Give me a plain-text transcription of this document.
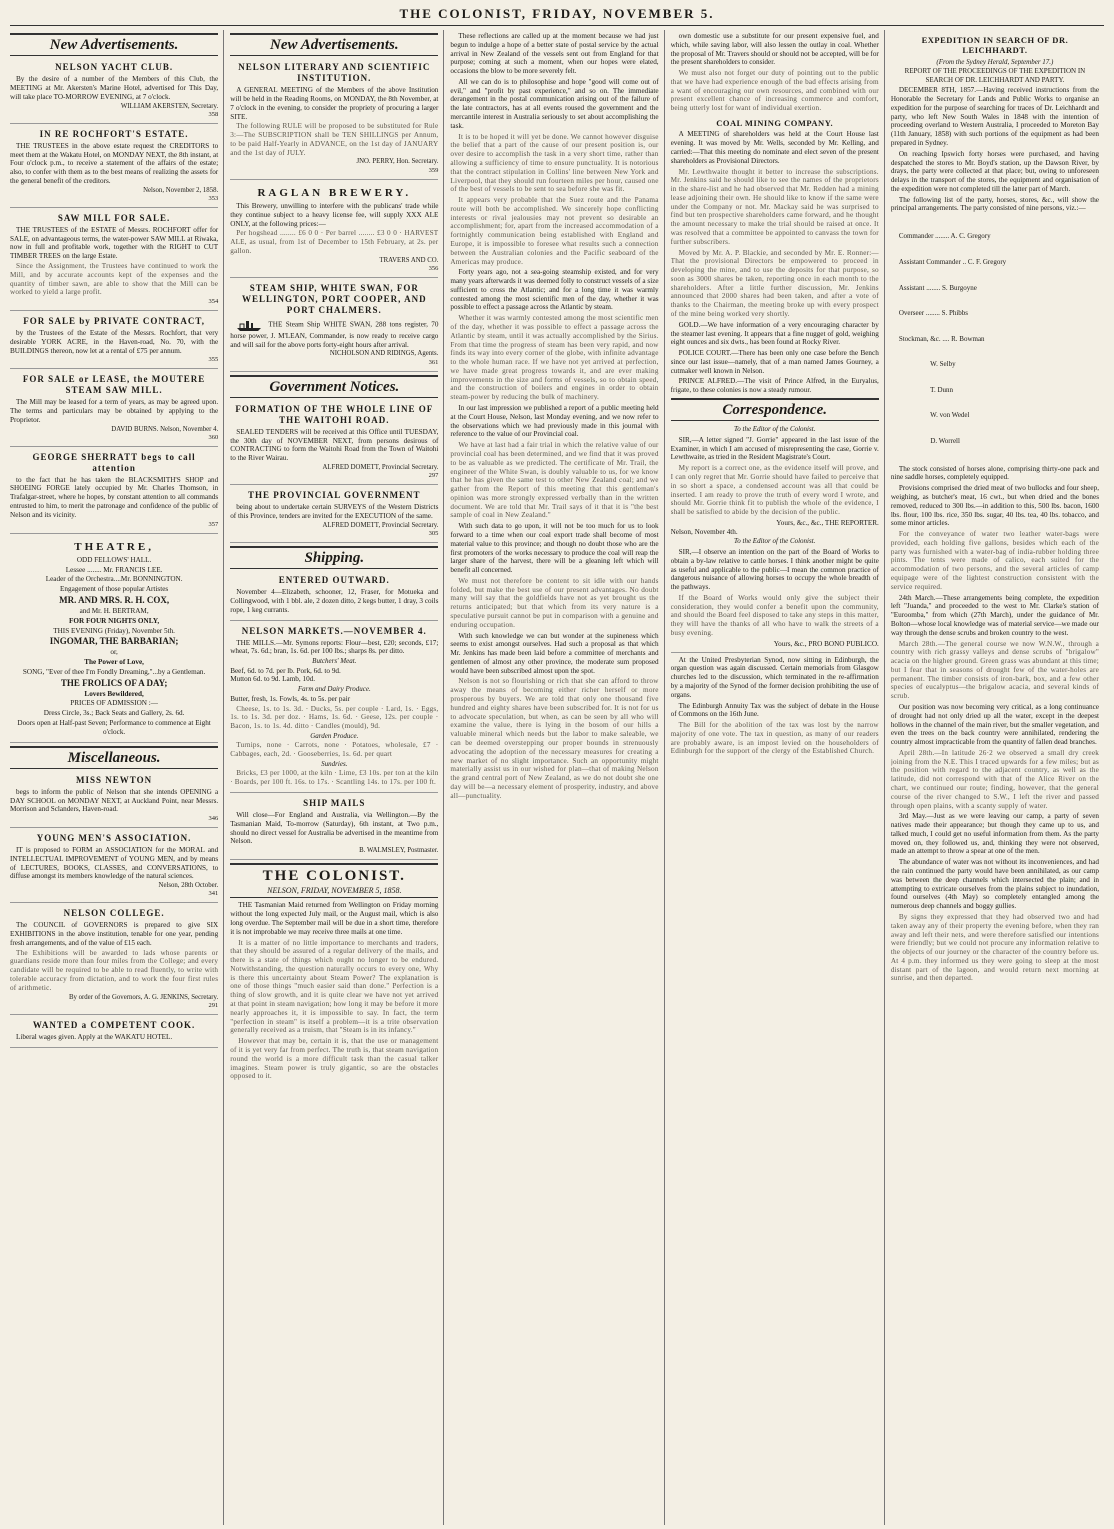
THE COLONIST, FRIDAY, NOVEMBER 5.
New Advertisements.
NELSON YACHT CLUB.

By the desire of a number of the Members of this Club, the MEETING at Mr. Akersten's Marine Hotel, advertised for This Day, will take place TO-MORROW EVENING, at 7 o'clock.

WILLIAM AKERSTEN, Secretary.
358
IN RE ROCHFORT'S ESTATE.

THE TRUSTEES in the above estate request the CREDITORS to meet them at the Wakatu Hotel, on MONDAY NEXT, the 8th instant, at Four o'clock p.m., to receive a statement of the affairs of the estate; also, to confer with them as to the best means of realizing the assets for the general benefit of the creditors.

Nelson, November 2, 1858.
353
SAW MILL FOR SALE.

THE TRUSTEES of the ESTATE of Messrs. ROCHFORT offer for SALE, on advantageous terms, the water-power SAW MILL at Riwaka, now in full and profitable work, together with the RIGHT to CUT TIMBER TREES on the large Estate.

Since the Assignment, the Trustees have continued to work the Mill, and by accurate accounts kept of the expenses and the quantity of timber sawn, are able to show that the Mill can be worked to yield a large profit.

354
FOR SALE by PRIVATE CONTRACT,

by the Trustees of the Estate of the Messrs. Rochfort, that very desirable YORK ACRE, in the Haven-road, No. 70, with the BUILDINGS thereon, now let at a rental of £75 per annum.

355
FOR SALE or LEASE, the MOUTERE STEAM SAW MILL.

The Mill may be leased for a term of years, as may be agreed upon. The terms and particulars may be obtained by applying to the Proprietor.

DAVID BURNS. Nelson, November 4.
360
GEORGE SHERRATT begs to call attention

to the fact that he has taken the BLACKSMITH'S SHOP and SHOEING FORGE lately occupied by Mr. Charles Thomson, in Trafalgar-street, where he hopes, by constant attention to all commands entrusted to him, to merit the patronage and confidence of the public of Nelson and its vicinity.

357
THEATRE,
ODD FELLOWS' HALL.
Lessee ........ Mr. FRANCIS LEE.
Leader of the Orchestra....Mr. BONNINGTON.
Engagement of those popular Artistes
MR. AND MRS. R. H. COX,
and Mr. H. BERTRAM,
FOR FOUR NIGHTS ONLY,
THIS EVENING (Friday), November 5th.
INGOMAR, THE BARBARIAN;
or,
The Power of Love,
SONG, "Ever of thee I'm Fondly Dreaming,"...by a Gentleman.
THE FROLICS OF A DAY;
Lovers Bewildered,
PRICES OF ADMISSION :—
Dress Circle, 3s.; Back Seats and Gallery, 2s. 6d.
Doors open at Half-past Seven; Performance to commence at Eight o'clock.
Miscellaneous.
MISS NEWTON

begs to inform the public of Nelson that she intends OPENING a DAY SCHOOL on MONDAY NEXT, at Auckland Point, near Messrs. Morrison and Sclanders, Haven-road.

346
YOUNG MEN'S ASSOCIATION.

IT is proposed to FORM an ASSOCIATION for the MORAL and INTELLECTUAL IMPROVEMENT of YOUNG MEN, and by means of LECTURES, BOOKS, CLASSES, and CONVERSATIONS, to diffuse amongst its members knowledge of the natural sciences.

Nelson, 28th October.
341
NELSON COLLEGE.

The COUNCIL of GOVERNORS is prepared to give SIX EXHIBITIONS in the above institution, tenable for one year, pending fresh arrangements, and of the value of £15 each.

The Exhibitions will be awarded to lads whose parents or guardians reside more than four miles from the College; and every candidate will be required to be able to read fluently, to write with tolerable accuracy from dictation, and to work the four first rules of arithmetic.

By order of the Governors, A. G. JENKINS, Secretary.
291
WANTED a COMPETENT COOK.

Liberal wages given. Apply at the WAKATU HOTEL.

New Advertisements.
NELSON LITERARY AND SCIENTIFIC INSTITUTION.

A GENERAL MEETING of the Members of the above Institution will be held in the Reading Rooms, on MONDAY, the 8th November, at 7 o'clock in the evening, to consider the propriety of procuring a larger SITE.

The following RULE will be proposed to be substituted for Rule 3:—The SUBSCRIPTION shall be TEN SHILLINGS per Annum, to be paid Half-Yearly in ADVANCE, on the 1st day of JANUARY and the 1st day of JULY.

JNO. PERRY, Hon. Secretary.
359
RAGLAN BREWERY.

This Brewery, unwilling to interfere with the publicans' trade while they continue subject to a heavy license fee, will supply XXX ALE ONLY, at the following prices:—

Per hogshead ........ £6 0 0 · Per barrel ........ £3 0 0 · HARVEST ALE, as usual, from 1st of December to 15th February, at 2s. per gallon.

TRAVERS AND CO.
356
STEAM SHIP, WHITE SWAN, FOR WELLINGTON, PORT COOPER, AND PORT CHALMERS.

THE Steam Ship WHITE SWAN, 288 tons register, 70 horse power, J. M'LEAN, Commander, is now ready to receive cargo and will sail for the above ports forty-eight hours after arrival.

NICHOLSON AND RIDINGS, Agents.
361
Government Notices.
FORMATION OF THE WHOLE LINE OF THE WAITOHI ROAD.

SEALED TENDERS will be received at this Office until TUESDAY, the 30th day of NOVEMBER NEXT, from persons desirous of CONTRACTING to form the Waitohi Road from the Town of Waitohi to the River Wairau.

ALFRED DOMETT, Provincial Secretary.
297
THE PROVINCIAL GOVERNMENT

being about to undertake certain SURVEYS of the Western Districts of this Province, tenders are invited for the EXECUTION of the same.

ALFRED DOMETT, Provincial Secretary.
305
Shipping.
ENTERED OUTWARD.

November 4—Elizabeth, schooner, 12, Fraser, for Motueka and Collingwood, with 1 bbl. ale, 2 dozen ditto, 2 kegs butter, 1 dray, 3 coils rope, 1 keg currants.

NELSON MARKETS.—NOVEMBER 4.

THE MILLS.—Mr. Symons reports: Flour—best, £20; seconds, £17; wheat, 7s. 6d.; bran, 1s. 6d. per 100 lbs.; sharps 8s. per ditto.

Butchers' Meat.
Beef, 6d. to 7d. per lb. Pork, 6d. to 9d.
Mutton 6d. to 9d. Lamb, 10d.
Farm and Dairy Produce.
Butter, fresh, 1s. Fowls, 4s. to 5s. per pair

Cheese, 1s. to 1s. 3d. · Ducks, 5s. per couple · Lard, 1s. · Eggs, 1s. to 1s. 3d. per doz. · Hams, 1s. 6d. · Geese, 12s. per couple · Bacon, 1s. to 1s. 4d. ditto · Candles (mould), 9d.

Garden Produce.

Turnips, none · Carrots, none · Potatoes, wholesale, £7 · Cabbages, each, 2d. · Gooseberries, 1s. 6d. per quart

Sundries.

Bricks, £3 per 1000, at the kiln · Lime, £3 10s. per ton at the kiln · Boards, per 100 ft. 16s. to 17s. · Scantling 14s. to 17s. per 100 ft.

SHIP MAILS

Will close—For England and Australia, via Wellington.—By the Tasmanian Maid, To-morrow (Saturday), 6th instant, at Two p.m., should no direct vessel for Australia be advertised in the meantime from Nelson.

B. WALMSLEY, Postmaster.
THE COLONIST.
NELSON, FRIDAY, NOVEMBER 5, 1858.

THE Tasmanian Maid returned from Wellington on Friday morning without the long expected July mail, or the August mail, which is also long overdue. The September mail will be due in a short time, therefore it is not improbable we may receive three mails at one time.

It is a matter of no little importance to merchants and traders, that they should be assured of a regular delivery of the mails, and there is a state of things which ought no longer to be endured. Notwithstanding, the question naturally occurs to every one, Why is there this uncertainty about Steam Power? The explanation is one of those things "much easier said than done." Perfection is a thing of slow growth, and it is quite clear we have not yet arrived at that point in steam navigation; how long it may be before it more nearly approaches it, it is impossible to say. In fact, the term "perfection in steam" is itself a problem—it is a trite observation generally received as a truism, that "Steam is in its infancy."

However that may be, certain it is, that the use or management of it is yet very far from perfect. The truth is, that steam navigation round the world is a more difficult task than the casual talker imagines. Steam power is truly gigantic, so are the obstacles opposed to it.

These reflections are called up at the moment because we had just begun to indulge a hope of a better state of postal service by the actual arrival in New Zealand of the vessels sent out from England for that purpose; coming at such a moment, when our hopes were elated, occasions the blow to be more severely felt.

All we can do is to philosophise and hope "good will come out of evil," and "profit by past experience," and so on. The immediate derangement in the postal communication arising out of the failure of the late contractors, has at all events roused the government and the mercantile interest in Australia seriously to set about accomplishing the task.

It is to be hoped it will yet be done. We cannot however disguise the belief that a part of the cause of our present position is, our over desire to accomplish the task in a very short time, rather than allowing a sufficiency of time to ensure punctuality. It is notorious that the contract stipulation in Collins' line between New York and Liverpool, that they should run fourteen miles per hour, caused one of the best of vessels to be sent to sea before she was fit.

It appears very probable that the Suez route and the Panama route will both be accomplished. We sincerely hope conflicting interests or rival jealousies may not prevent so desirable an accomplishment; for, apart from the increased accommodation of a fortnightly communication being established with England and Europe, it is impossible to foresee what results such a connection between the Australian colonies and the Pacific seaboard of the Americas may produce.

Forty years ago, not a sea-going steamship existed, and for very many years afterwards it was deemed folly to construct vessels of a size sufficient to cross the Atlantic; and for a long time it was warmly contested among the most scientific men of the day, whether it was possible to effect a passage across the Atlantic by steam.

Whether it was warmly contested among the most scientific men of the day, whether it was possible to effect a passage across the Atlantic by steam, until it was actually accomplished by the Sirius. From that time the progress of steam has been very rapid, and now finds its way into every corner of the globe, with infinite advantage to the whole human race. If we have not yet arrived at perfection, we have made great progress towards it, and are ever making improvements in the size and forms of vessels, so to obtain speed, and the construction of boilers and engines in order to obtain steam-power by reducing the bulk of machinery.

In our last impression we published a report of a public meeting held at the Court House, Nelson, last Monday evening, and we now refer to the observations which we had previously made in this journal with reference to the value of our Provincial coal.

We have at last had a fair trial in which the relative value of our provincial coal has been determined, and we find that it was proved to be as valuable as we predicted. The certificate of Mr. Trail, the engineer of the White Swan, is doubly valuable to us, for we know that he has given the same test to other New Zealand coal; and we gather from the Report of this meeting that this gentleman's opinion was more strongly expressed verbally than in the written document. We are told that Mr. Trail says of it that it is "the best sample of coal in New Zealand."

With such data to go upon, it will not be too much for us to look forward to a time when our coal export trade shall become of most material value to this province; and though no doubt those who are the first promoters of the works necessary to produce the coal will reap the larger share of the harvest, there will be a gleaning left which will benefit all concerned.

We must not therefore be content to sit idle with our hands folded, but make the best use of our present advantages. No doubt many will say that the goldfields have not as yet brought us the returns anticipated; but that which from its very nature is a speculative pursuit cannot be put in comparison with a genuine and enduring occupation.

With such knowledge we can but wonder at the supineness which seems to exist amongst ourselves. Had such a proposal as that which Mr. Jenkins has made been laid before a committee of merchants and gentlemen of almost any other province, the moderate sum proposed would have been subscribed almost upon the spot.

Nelson is not so flourishing or rich that she can afford to throw away the means of becoming either richer herself or more prosperous by buyers. We are told that only one thousand five hundred and eighty shares have been subscribed for. It is not for us to advocate speculation, but when, as can be seen by all who will examine the value, there is lying in the bosom of our hills a valuable mineral which needs but the labor to make saleable, we can be deemed overstepping our proper bounds in strenuously advocating the adoption of the necessary measures for creating a new market of no slight importance. Such an opportunity might materially assist us in our wished for plan—that of making Nelson the grand central port of New Zealand, as we do not doubt she one day will be—a necessary element of prosperity, industry, and above all—punctuality.

own domestic use a substitute for our present expensive fuel, and which, while saving labor, will also lessen the outlay in coal. Whether the proposal of Mr. Travers should or should not be accepted, will be for the present shareholders to consider.

We must also not forget our duty of pointing out to the public that we have had experience enough of the bad effects arising from a want of encouraging our own resources, and combined with our present excellent chance of increasing commerce and comfort, being utterly lost for want of individual exertion.

COAL MINING COMPANY.

A MEETING of shareholders was held at the Court House last evening. It was moved by Mr. Wells, seconded by Mr. Kelling, and carried:—That this meeting do nominate and elect seven of the present shareholders as Provisional Directors.

Mr. Lewthwaite thought it better to increase the subscriptions. Mr. Jenkins said he should like to see the names of the proprietors in the share-list and he had observed that Mr. Redden had a mining lease adjoining their own. He should like to know if the same were under the Company or not. Mr. Mackay said he was surprised to find but ten prospective shareholders came forward, and he thought the amount necessary to make the trial should be raised at once. It was resolved that a committee be appointed to canvass the town for further subscribers.

Moved by Mr. A. P. Blackie, and seconded by Mr. E. Ronner:—That the provisional Directors be empowered to proceed in developing the mine, and to use the deposits for that purpose, so soon as 3000 shares be taken, reporting once in each month to the shareholders. After a little further discussion, Mr. Jenkins announced that 2000 shares had been taken, and after a vote of thanks to the Chairman, the meeting broke up with every prospect of the mine being worked very shortly.

GOLD.—We have information of a very encouraging character by the steamer last evening. It appears that a fine nugget of gold, weighing eight ounces and six dwts., has been found at Rocky River.

POLICE COURT.—There has been only one case before the Bench since our last issue—namely, that of a man named James Gourney, a cutmaker well known in Nelson.

PRINCE ALFRED.—The visit of Prince Alfred, in the Euryalus, frigate, to these colonies is now a steady rumour.

Correspondence.
To the Editor of the Colonist.

SIR,—A letter signed "J. Gorrie" appeared in the last issue of the Examiner, in which I am accused of misrepresenting the case, Gorrie v. Lewthwaite, as tried in the Resident Magistrate's Court.

My report is a correct one, as the evidence itself will prove, and I can only regret that Mr. Gorrie should have failed to perceive that in so short a space, a condensed account was all that could be inserted. I am ready to prove the truth of every word I wrote, and should Mr. Gorrie think fit to publish the whole of the evidence, I shall be satisfied to abide by the decision of the public.

Yours, &c., &c., THE REPORTER.
Nelson, November 4th.
To the Editor of the Colonist.

SIR,—I observe an intention on the part of the Board of Works to obtain a by-law relative to cattle horses. I think another might be quite as useful and applicable to the public—I mean the common practice of dangerous nuisance of allowing horses to occupy the whole breadth of the pathways.

If the Board of Works would only give the subject their consideration, they would confer a benefit upon the community, and should the Board feel disposed to take any steps in this matter, they will have the thanks of all who have to walk the streets of a busy evening.

Yours, &c., PRO BONO PUBLICO.

At the United Presbyterian Synod, now sitting in Edinburgh, the organ question was again discussed. Certain memorials from Glasgow churches led to the discussion, which terminated in the re-affirmation by a majority of the Synod of the former decision prohibiting the use of organs.

The Edinburgh Annuity Tax was the subject of debate in the House of Commons on the 16th June.

The Bill for the abolition of the tax was lost by the narrow majority of one vote. The tax in question, as many of our readers are probably aware, is an impost levied on the householders of Edinburgh for the support of the clergy of the Established Church.

EXPEDITION IN SEARCH OF DR. LEICHHARDT.
(From the Sydney Herald, September 17.)
REPORT OF THE PROCEEDINGS OF THE EXPEDITION IN SEARCH OF DR. LEICHHARDT AND PARTY.

DECEMBER 8TH, 1857.—Having received instructions from the Honorable the Secretary for Lands and Public Works to organise an expedition for the purpose of searching for traces of Dr. Leichhardt and party, who left New South Wales in 1848 with the intention of proceeding overland to Western Australia, I proceeded to Moreton Bay (11th January, 1858) with such portions of the equipment as had been prepared in Sydney.

On reaching Ipswich forty horses were purchased, and having despatched the stores to Mr. Boyd's station, up the Dawson River, by drays, the party were collected at that place; but, owing to unforeseen delays in the transport of the stores, the equipment and organisation of the expedition were not completed till the latter part of March.

The following list of the party, horses, stores, &c., will show the principal arrangements. The party consisted of nine persons, viz.:—

Commander ........ A. C. Gregory

Assistant Commander .. C. F. Gregory

Assistant ........ S. Burgoyne

Overseer ........ S. Phibbs

Stockman, &c. .... R. Bowman

W. Selby

T. Dunn

W. von Wedel

D. Worrell

The stock consisted of horses alone, comprising thirty-one pack and nine saddle horses, completely equipped.

Provisions comprised the dried meat of two bullocks and four sheep, weighing, as butcher's meat, 16 cwt., but when dried and the bones removed, reduced to 300 lbs.—in addition to this, 500 lbs. bacon, 1600 lbs. flour, 100 lbs. rice, 350 lbs. sugar, 40 lbs. tea, 40 lbs. tobacco, and some minor articles.

For the conveyance of water two leather water-bags were provided, each holding five gallons, besides which each of the party was furnished with a water-bag of india-rubber holding three pints. The tents were made of calico, each suited for the accommodation of two persons, and the several articles of camp equipage were of the lightest construction consistent with the service required.

24th March.—These arrangements being complete, the expedition left "Juanda," and proceeded to the west to Mr. Clarke's station of "Euroomba," from which (27th March), under the guidance of Mr. Bolton—whose local knowledge was of material service—we made our way through the dense scrubs and broken country to the west.

March 28th.—The general course we now W.N.W., through a country with rich grassy valleys and dense scrubs of "brigalow" acacia on the higher ground. Green grass was abundant at this time; but I fear that in seasons of drought few of the water-holes are permanent. The timber consists of iron-bark, box, and a few other species of eucalyptus—the brigalow acacia, and several kinds of scrub.

Our position was now becoming very critical, as a long continuance of drought had not only dried up all the water, except in the deepest hollows in the channel of the main river, but the smaller vegetation, and even the trees on the back country were annihilated, rendering the country almost impracticable from the quantity of fallen dead branches.

April 28th.—In latitude 26·2 we observed a small dry creek joining from the N.E. This I traced upwards for a few miles; but as the position with regard to the adjacent country, as well as the latitude, did not correspond with that of the Alice River on the chart, we continued our route; finding, however, that the general course of the river changed to S.W., I left the river and passed through open plains, with a scanty supply of water.

3rd May.—Just as we were leaving our camp, a party of seven natives made their appearance; but though they came up to us, and talked much, I could get no useful information from them. As the party moved on, they followed us, and, thinking they were not observed, made an attempt to throw a spear at one of the men.

The abundance of water was not without its inconveniences, and had the rain continued the party would have been annihilated, as our camp was between the deep channels which intersected the plain; and in attempting to extricate ourselves from the plains subject to inundation, found ourselves (4th May) so completely entangled among the numerous deep channels and boggy gullies.

By signs they expressed that they had observed two and had taken away any of their property the evening before, when they ran away and left their nets, and were therefore satisfied our intentions were friendly; but we could not procure any information relative to the objects of our journey or the character of the country before us. At 4 p.m. they informed us they were going to sleep at the most distant part of the lagoon, and would return next morning at sunrise, and then departed.
